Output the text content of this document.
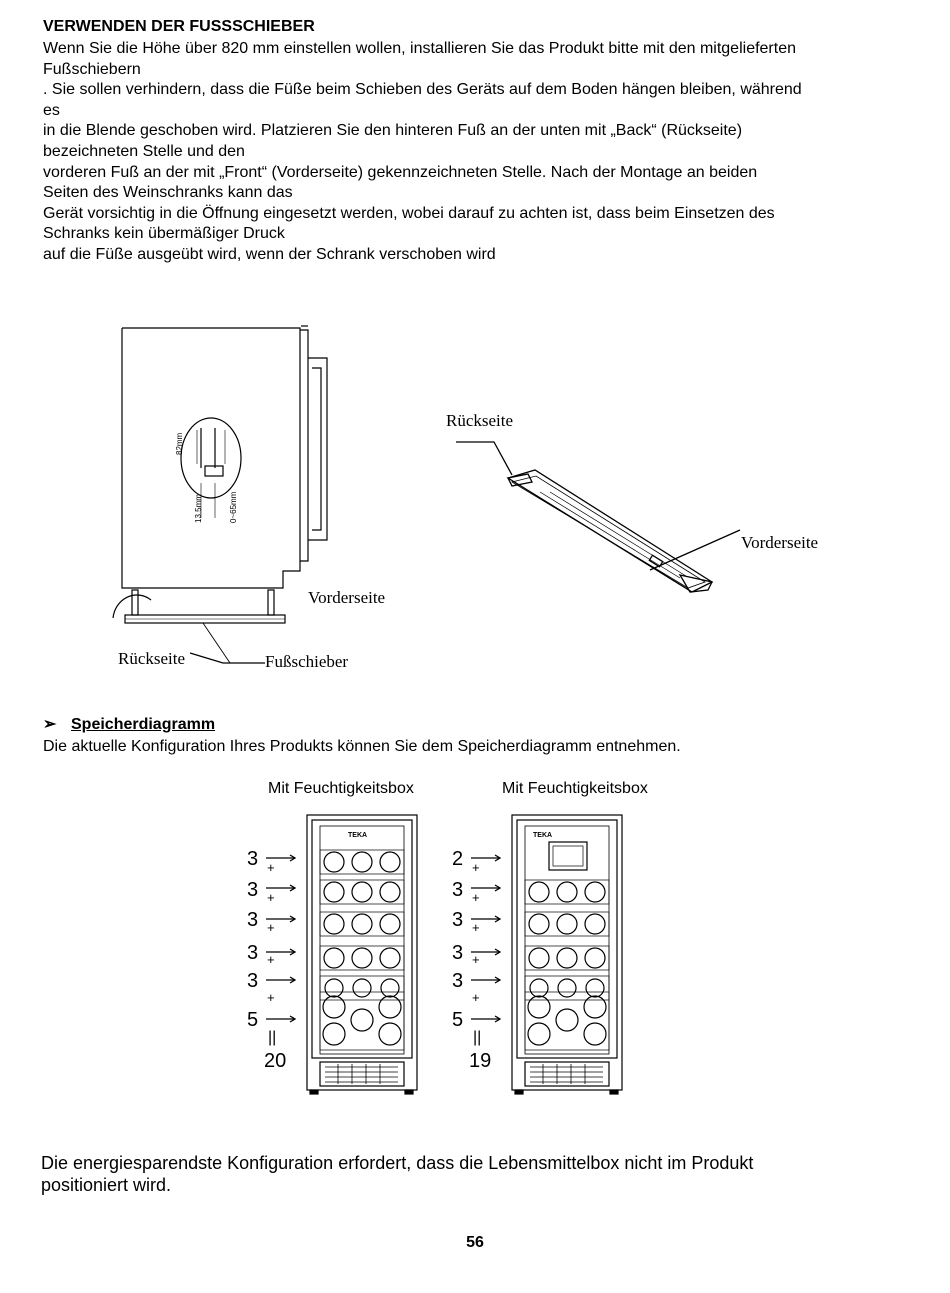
VERWENDEN DER FUSSSCHIEBER
Wenn Sie die Höhe über 820 mm einstellen wollen, installieren Sie das Produkt bitte mit den mitgelieferten
Fußschiebern
. Sie sollen verhindern, dass die Füße beim Schieben des Geräts auf dem Boden hängen bleiben, während
es
in die Blende geschoben wird. Platzieren Sie den hinteren Fuß an der unten mit „Back“ (Rückseite)
bezeichneten Stelle und den
vorderen Fuß an der mit „Front“ (Vorderseite) gekennzeichneten Stelle. Nach der Montage an beiden
Seiten des Weinschranks kann das
Gerät vorsichtig in die Öffnung eingesetzt werden, wobei darauf zu achten ist, dass beim Einsetzen des
Schranks kein übermäßiger Druck
auf die Füße ausgeübt wird, wenn der Schrank verschoben wird
82mm
13.5mm	0~65mm
Vorderseite
Rückseite	Fußschieber
Rückseite
Vorderseite
➢ Speicherdiagramm
Die aktuelle Konfiguration Ihres Produkts können Sie dem Speicherdiagramm entnehmen.
Mit Feuchtigkeitsbox	Mit Feuchtigkeitsbox
TEKA
3
3
3
3
3
5
20
+
+
+
+
+
||
TEKA
2
3
3
3
3
5
19
+
+
+
+
+
||
Die energiesparendste Konfiguration erfordert, dass die Lebensmittelbox nicht im Produkt
positioniert wird.
56
